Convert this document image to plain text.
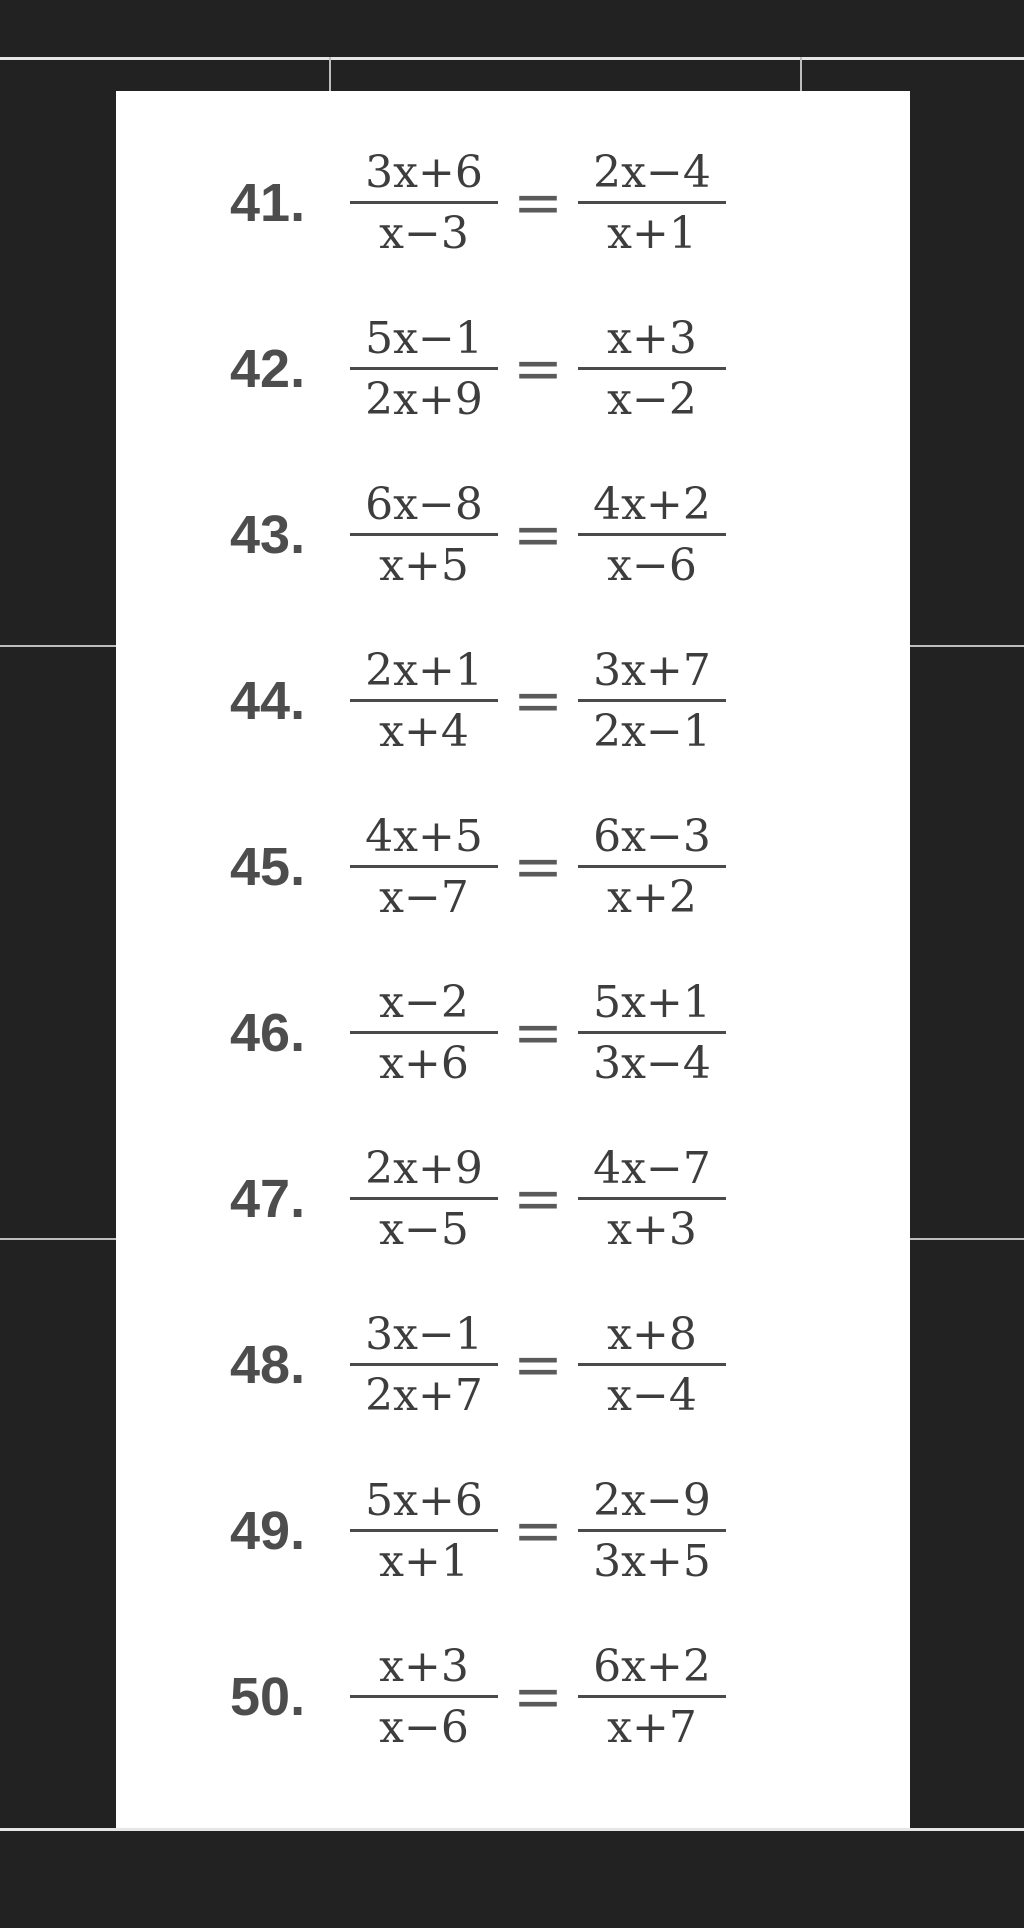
41.	$\frac{3x+6}{x-3} = \frac{2x-4}{x+1}$
42.	$\frac{5x-1}{2x+9} = \frac{x+3}{x-2}$
43.	$\frac{6x-8}{x+5} = \frac{4x+2}{x-6}$
44.	$\frac{2x+1}{x+4} = \frac{3x+7}{2x-1}$
45.	$\frac{4x+5}{x-7} = \frac{6x-3}{x+2}$
46.	$\frac{x-2}{x+6} = \frac{5x+1}{3x-4}$
47.	$\frac{2x+9}{x-5} = \frac{4x-7}{x+3}$
48.	$\frac{3x-1}{2x+7} = \frac{x+8}{x-4}$
49.	$\frac{5x+6}{x+1} = \frac{2x-9}{3x+5}$
50.	$\frac{x+3}{x-6} = \frac{6x+2}{x+7}$
